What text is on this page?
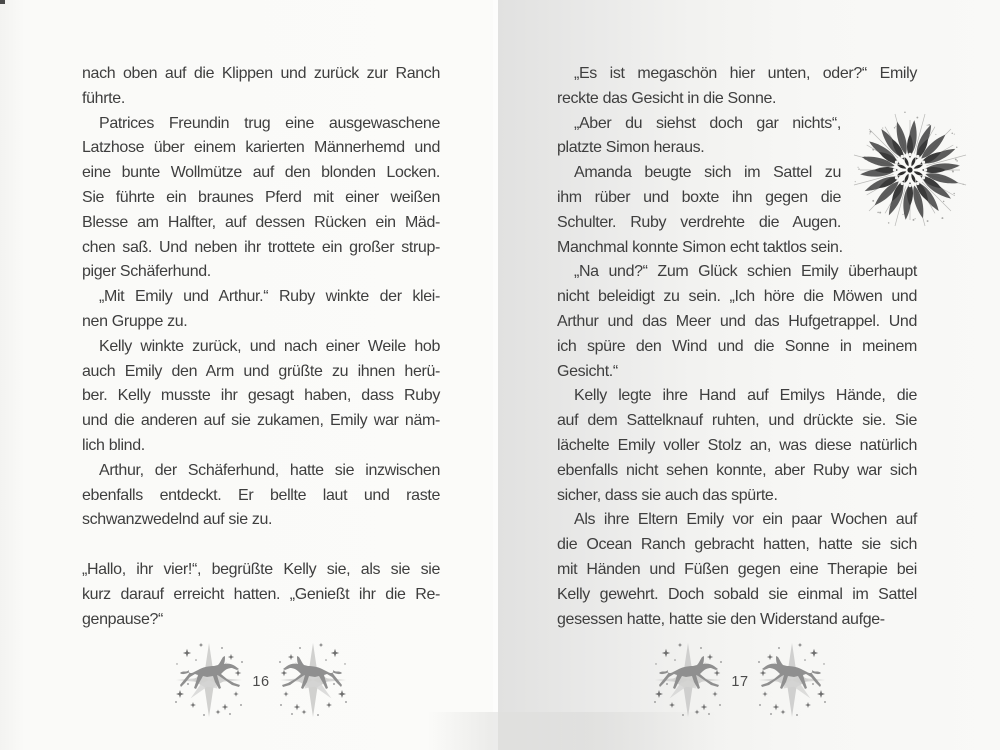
nach oben auf die Klippen und zurück zur Ranch
führte.
Patrices Freundin trug eine ausgewaschene
Latzhose über einem karierten Männerhemd und
eine bunte Wollmütze auf den blonden Locken.
Sie führte ein braunes Pferd mit einer weißen
Blesse am Halfter, auf dessen Rücken ein Mäd-
chen saß. Und neben ihr trottete ein großer strup-
piger Schäferhund.
„Mit Emily und Arthur.“ Ruby winkte der klei-
nen Gruppe zu.
Kelly winkte zurück, und nach einer Weile hob
auch Emily den Arm und grüßte zu ihnen herü-
ber. Kelly musste ihr gesagt haben, dass Ruby
und die anderen auf sie zukamen, Emily war näm-
lich blind.
Arthur, der Schäferhund, hatte sie inzwischen
ebenfalls entdeckt. Er bellte laut und raste
schwanzwedelnd auf sie zu.
„Hallo, ihr vier!“, begrüßte Kelly sie, als sie sie
kurz darauf erreicht hatten. „Genießt ihr die Re-
genpause?“
„Es ist megaschön hier unten, oder?“ Emily
reckte das Gesicht in die Sonne.
„Aber du siehst doch gar nichts“,
platzte Simon heraus.
Amanda beugte sich im Sattel zu
ihm rüber und boxte ihn gegen die
Schulter. Ruby verdrehte die Augen.
Manchmal konnte Simon echt taktlos sein.
„Na und?“ Zum Glück schien Emily überhaupt
nicht beleidigt zu sein. „Ich höre die Möwen und
Arthur und das Meer und das Hufgetrappel. Und
ich spüre den Wind und die Sonne in meinem
Gesicht.“
Kelly legte ihre Hand auf Emilys Hände, die
auf dem Sattelknauf ruhten, und drückte sie. Sie
lächelte Emily voller Stolz an, was diese natürlich
ebenfalls nicht sehen konnte, aber Ruby war sich
sicher, dass sie auch das spürte.
Als ihre Eltern Emily vor ein paar Wochen auf
die Ocean Ranch gebracht hatten, hatte sie sich
mit Händen und Füßen gegen eine Therapie bei
Kelly gewehrt. Doch sobald sie einmal im Sattel
gesessen hatte, hatte sie den Widerstand aufge-
16	17
